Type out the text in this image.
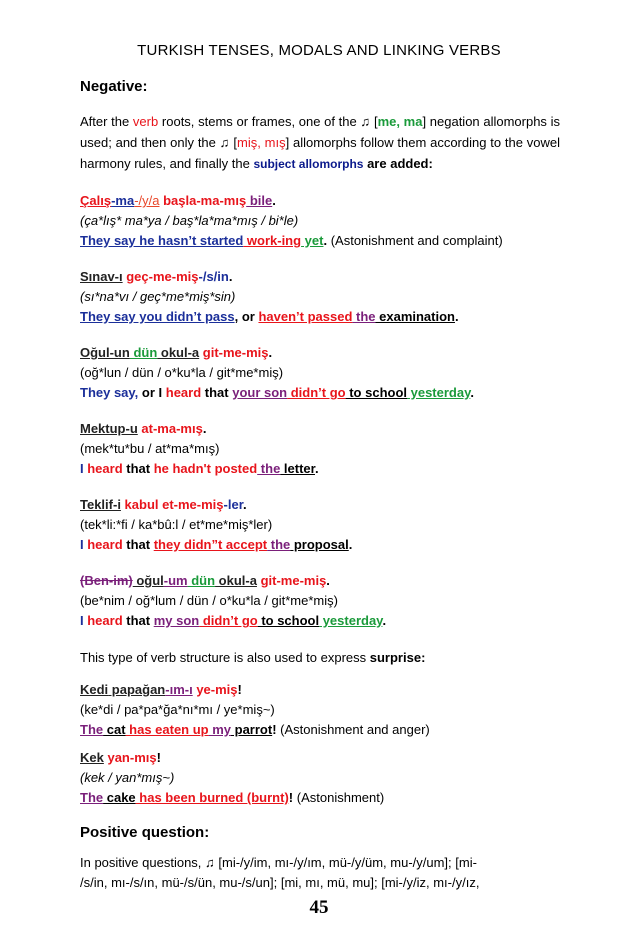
TURKISH TENSES, MODALS AND LINKING VERBS
Negative:
After the verb roots, stems or frames, one of the ♫ [me, ma] negation allomorphs is used; and then only the ♫ [miş, mış] allomorphs follow them according to the vowel harmony rules, and finally the subject allomorphs are added:
Çalış-ma-/y/a başla-ma-mış bile.
(ça*lış* ma*ya / baş*la*ma*mış / bi*le)
They say he hasn’t started work-ing yet. (Astonishment and complaint)
Sınav-ı geç-me-miş-/s/in.
(sı*na*vı / geç*me*miş*sin)
They say you didn’t pass, or haven’t passed the examination.
Oğul-un dün okul-a git-me-miş.
(oğ*lun / dün / o*ku*la / git*me*miş)
They say, or I heard that your son didn’t go to school yesterday.
Mektup-u at-ma-mış.
(mek*tu*bu / at*ma*mış)
I heard that he hadn't posted the letter.
Teklif-i kabul et-me-miş-ler.
(tek*li:*fi / ka*bû:l / et*me*miş*ler)
I heard that they didn”t accept the proposal.
(Ben-im) oğul-um dün okul-a git-me-miş.
(be*nim / oğ*lum / dün / o*ku*la / git*me*miş)
I heard that my son didn’t go to school yesterday.
This type of verb structure is also used to express surprise:
Kedi papağan-ım-ı ye-miş!
(ke*di / pa*pa*ğa*nı*mı / ye*miş~)
The cat has eaten up my parrot! (Astonishment and anger)
Kek yan-mış!
(kek / yan*mış~)
The cake has been burned (burnt)! (Astonishment)
Positive question:
In positive questions, ♫ [mi-/y/im, mı-/y/ım, mü-/y/üm, mu-/y/um]; [mi-
/s/in, mı-/s/ın, mü-/s/ün, mu-/s/un]; [mi, mı, mü, mu]; [mi-/y/iz, mı-/y/ız,
45
